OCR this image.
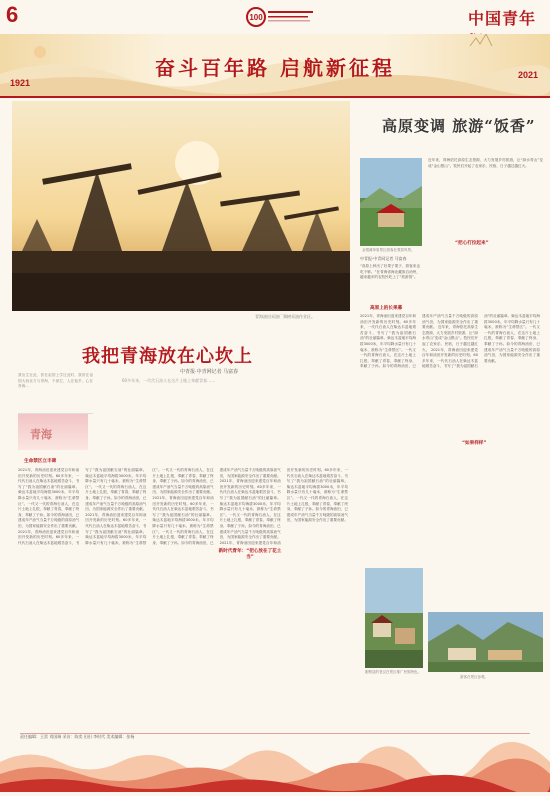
6	100	中国青年
奋斗百年路 启航新征程
1921
2021
青海油田采油厂郑树采油作业区。
高原变调 旅游“饭香”
金银滩草原景区游客在观赏风景。
近年来，青海依托高原生态资源，大力发展乡村旅游，让“绿水青山”变成“金山银山”。牧民们开起了农家乐、民宿，日子越过越红火。
“把心打拉起来”
中青报·中青网记者 马富春
“高原上种出了好果子果子，游客来也吃不够。”在青海省海北藏族自治州，越来越多的农牧民吃上了“旅游饭”。
高原上的长果幕
2021年，青海油田迎来建党百年和油田开发新的历史时刻。60多年来，一代代石油人在柴达木盆地艰苦奋斗，书写了“我为祖国献石油”的壮丽篇章。柴达木盆地平均海拔3000米，年平均降水量只有几十毫米，被称为“生命禁区”。一代又一代的青海石油人，在这片土地上扎根，奉献了青春，奉献了终身，奉献了子孙。如今的青海油田，已建成年产油气当量千万吨级的高原油气田，为国家能源安全作出了重要贡献。 近年来，青海依托高原生态资源，大力发展乡村旅游，让“绿水青山”变成“金山银山”。牧民们开起了农家乐、民宿，日子越过越红火。 2021年，青海油田迎来建党百年和油田开发新的历史时刻。60多年来，一代代石油人在柴达木盆地艰苦奋斗，书写了“我为祖国献石油”的壮丽篇章。柴达木盆地平均海拔3000米，年平均降水量只有几十毫米，被称为“生命禁区”。一代又一代的青海石油人，在这片土地上扎根，奉献了青春，奉献了终身，奉献了子孙。如今的青海油田，已建成年产油气当量千万吨级的高原油气田，为国家能源安全作出了重要贡献。
“如果样样”
我把青海放在心坎上
中青报·中青网记者 马富春
我出生在此，曾在祖国上学过此时，我常在祖国大西北方与青海，不被打，人在他乡，心在青海...
60多年来，一代代石油人在这片土地上奉献青春……
青海
生命禁区立丰碑
2021年，青海油田迎来建党百年和油田开发新的历史时刻。60多年来，一代代石油人在柴达木盆地艰苦奋斗，书写了“我为祖国献石油”的壮丽篇章。柴达木盆地平均海拔3000米，年平均降水量只有几十毫米，被称为“生命禁区”。一代又一代的青海石油人，在这片土地上扎根，奉献了青春，奉献了终身，奉献了子孙。如今的青海油田，已建成年产油气当量千万吨级的高原油气田，为国家能源安全作出了重要贡献。 2021年，青海油田迎来建党百年和油田开发新的历史时刻。60多年来，一代代石油人在柴达木盆地艰苦奋斗，书写了“我为祖国献石油”的壮丽篇章。柴达木盆地平均海拔3000米，年平均降水量只有几十毫米，被称为“生命禁区”。一代又一代的青海石油人，在这片土地上扎根，奉献了青春，奉献了终身，奉献了子孙。如今的青海油田，已建成年产油气当量千万吨级的高原油气田，为国家能源安全作出了重要贡献。 2021年，青海油田迎来建党百年和油田开发新的历史时刻。60多年来，一代代石油人在柴达木盆地艰苦奋斗，书写了“我为祖国献石油”的壮丽篇章。柴达木盆地平均海拔3000米，年平均降水量只有几十毫米，被称为“生命禁区”。一代又一代的青海石油人，在这片土地上扎根，奉献了青春，奉献了终身，奉献了子孙。如今的青海油田，已建成年产油气当量千万吨级的高原油气田，为国家能源安全作出了重要贡献。 2021年，青海油田迎来建党百年和油田开发新的历史时刻。60多年来，一代代石油人在柴达木盆地艰苦奋斗，书写了“我为祖国献石油”的壮丽篇章。柴达木盆地平均海拔3000米，年平均降水量只有几十毫米，被称为“生命禁区”。一代又一代的青海石油人，在这片土地上扎根，奉献了青春，奉献了终身，奉献了子孙。如今的青海油田，已建成年产油气当量千万吨级的高原油气田，为国家能源安全作出了重要贡献。 2021年，青海油田迎来建党百年和油田开发新的历史时刻。60多年来，一代代石油人在柴达木盆地艰苦奋斗，书写了“我为祖国献石油”的壮丽篇章。柴达木盆地平均海拔3000米，年平均降水量只有几十毫米，被称为“生命禁区”。一代又一代的青海石油人，在这片土地上扎根，奉献了青春，奉献了终身，奉献了子孙。如今的青海油田，已建成年产油气当量千万吨级的高原油气田，为国家能源安全作出了重要贡献。 2021年，青海油田迎来建党百年和油田开发新的历史时刻。60多年来，一代代石油人在柴达木盆地艰苦奋斗，书写了“我为祖国献石油”的壮丽篇章。柴达木盆地平均海拔3000米，年平均降水量只有几十毫米，被称为“生命禁区”。一代又一代的青海石油人，在这片土地上扎根，奉献了青春，奉献了终身，奉献了子孙。如今的青海油田，已建成年产油气当量千万吨级的高原油气田，为国家能源安全作出了重要贡献。
新时代青年：“把心放在了花土当”
刚察县的老汉在景区推广民族特色。
游客在景区参观。
责任编辑：王雷 刘国瑞 采访：陈奕 田田 李时代 美术编辑：张杨
